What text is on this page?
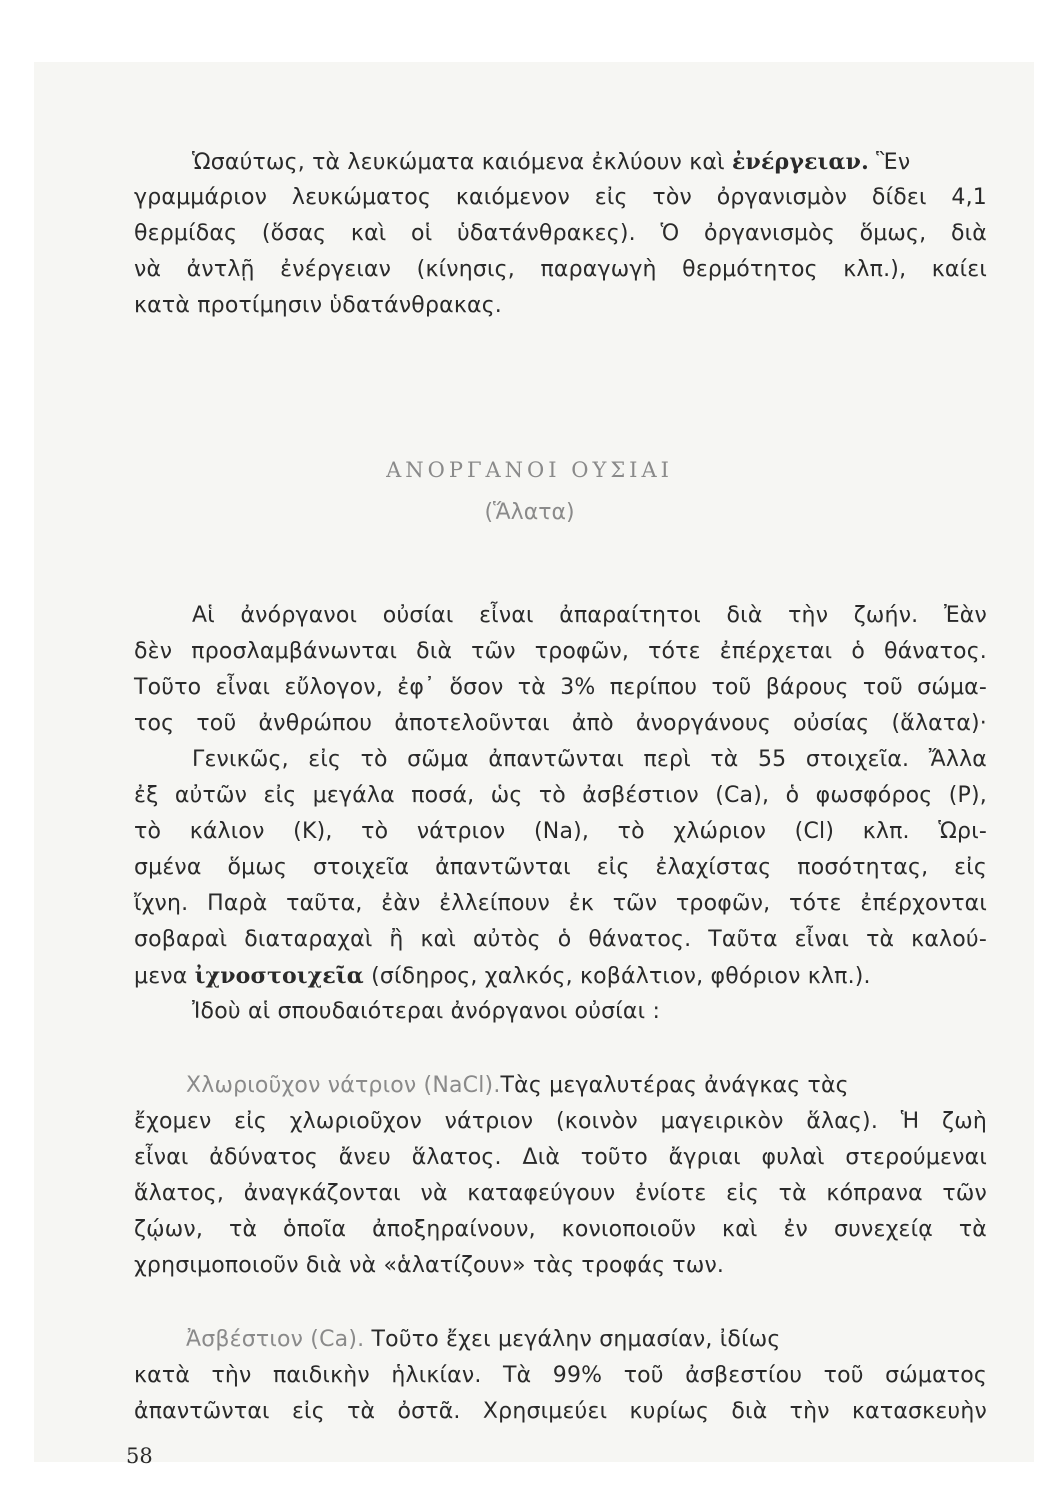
Ὡσαύτως, τὰ λευκώματα καιόμενα ἐκλύουν καὶ ἐνέργειαν. Ἓν
γραμμάριον λευκώματος καιόμενον εἰς τὸν ὀργανισμὸν δίδει 4,1
θερμίδας (ὅσας καὶ οἱ ὑδατάνθρακες). Ὁ ὀργανισμὸς ὅμως, διὰ
νὰ ἀντλῇ ἐνέργειαν (κίνησις, παραγωγὴ θερμότητος κλπ.), καίει
κατὰ προτίμησιν ὑδατάνθρακας.
ΑΝΟΡΓΑΝΟΙ ΟΥΣΙΑΙ
(Ἅλατα)
Αἱ ἀνόργανοι οὐσίαι εἶναι ἀπαραίτητοι διὰ τὴν ζωήν. Ἐὰν
δὲν προσλαμβάνωνται διὰ τῶν τροφῶν, τότε ἐπέρχεται ὁ θάνατος.
Τοῦτο εἶναι εὔλογον, ἐφ᾽ ὅσον τὰ 3% περίπου τοῦ βάρους τοῦ σώμα-
τος τοῦ ἀνθρώπου ἀποτελοῦνται ἀπὸ ἀνοργάνους οὐσίας (ἅλατα)·
Γενικῶς, εἰς τὸ σῶμα ἀπαντῶνται περὶ τὰ 55 στοιχεῖα. Ἄλλα
ἐξ αὐτῶν εἰς μεγάλα ποσά, ὡς τὸ ἀσβέστιον (Ca), ὁ φωσφόρος (P),
τὸ κάλιον (K), τὸ νάτριον (Na), τὸ χλώριον (Cl) κλπ. Ὡρι-
σμένα ὅμως στοιχεῖα ἀπαντῶνται εἰς ἐλαχίστας ποσότητας, εἰς
ἴχνη. Παρὰ ταῦτα, ἐὰν ἐλλείπουν ἐκ τῶν τροφῶν, τότε ἐπέρχονται
σοβαραὶ διαταραχαὶ ἢ καὶ αὐτὸς ὁ θάνατος. Ταῦτα εἶναι τὰ καλού-
μενα ἰχνοστοιχεῖα (σίδηρος, χαλκός, κοβάλτιον, φθόριον κλπ.).
Ἰδοὺ αἱ σπουδαιότεραι ἀνόργανοι οὐσίαι :
Χλωριοῦχον νάτριον (NaCl).Τὰς μεγαλυτέρας ἀνάγκας τὰς
ἔχομεν εἰς χλωριοῦχον νάτριον (κοινὸν μαγειρικὸν ἅλας). Ἡ ζωὴ
εἶναι ἀδύνατος ἄνευ ἅλατος. Διὰ τοῦτο ἄγριαι φυλαὶ στερούμεναι
ἅλατος, ἀναγκάζονται νὰ καταφεύγουν ἐνίοτε εἰς τὰ κόπρανα τῶν
ζῴων, τὰ ὁποῖα ἀποξηραίνουν, κονιοποιοῦν καὶ ἐν συνεχείᾳ τὰ
χρησιμοποιοῦν διὰ νὰ «ἁλατίζουν» τὰς τροφάς των.
Ἀσβέστιον (Ca). Τοῦτο ἔχει μεγάλην σημασίαν, ἰδίως
κατὰ τὴν παιδικὴν ἡλικίαν. Τὰ 99% τοῦ ἀσβεστίου τοῦ σώματος
ἀπαντῶνται εἰς τὰ ὀστᾶ. Χρησιμεύει κυρίως διὰ τὴν κατασκευὴν
58
